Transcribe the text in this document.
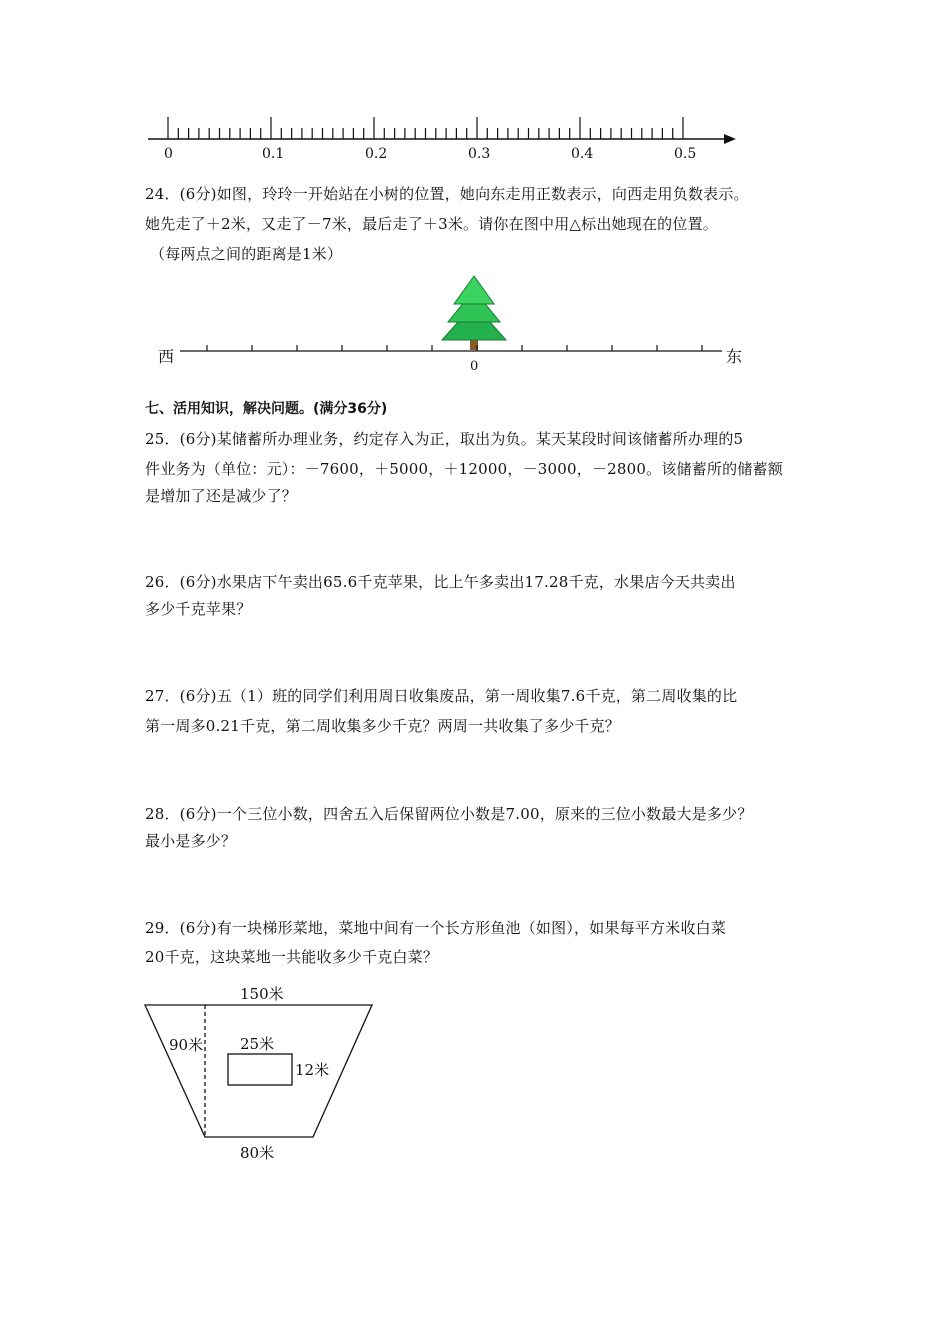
0	0.1	0.2	0.3	0.4	0.5
24．(6分)如图，玲玲一开始站在小树的位置，她向东走用正数表示，向西走用负数表示。
她先走了＋2米，又走了－7米，最后走了＋3米。请你在图中用△标出她现在的位置。
（每两点之间的距离是1米）
西	东
0
七、活用知识，解决问题。(满分36分)
25．(6分)某储蓄所办理业务，约定存入为正，取出为负。某天某段时间该储蓄所办理的5
件业务为（单位：元）：－7600，＋5000，＋12000，－3000，－2800。该储蓄所的储蓄额
是增加了还是减少了？
26．(6分)水果店下午卖出65.6千克苹果，比上午多卖出17.28千克，水果店今天共卖出
多少千克苹果？
27．(6分)五（1）班的同学们利用周日收集废品，第一周收集7.6千克，第二周收集的比
第一周多0.21千克，第二周收集多少千克？两周一共收集了多少千克？
28．(6分)一个三位小数，四舍五入后保留两位小数是7.00，原来的三位小数最大是多少？
最小是多少？
29．(6分)有一块梯形菜地，菜地中间有一个长方形鱼池（如图），如果每平方米收白菜
20千克，这块菜地一共能收多少千克白菜？
150米
90米
80米
25米
12米
